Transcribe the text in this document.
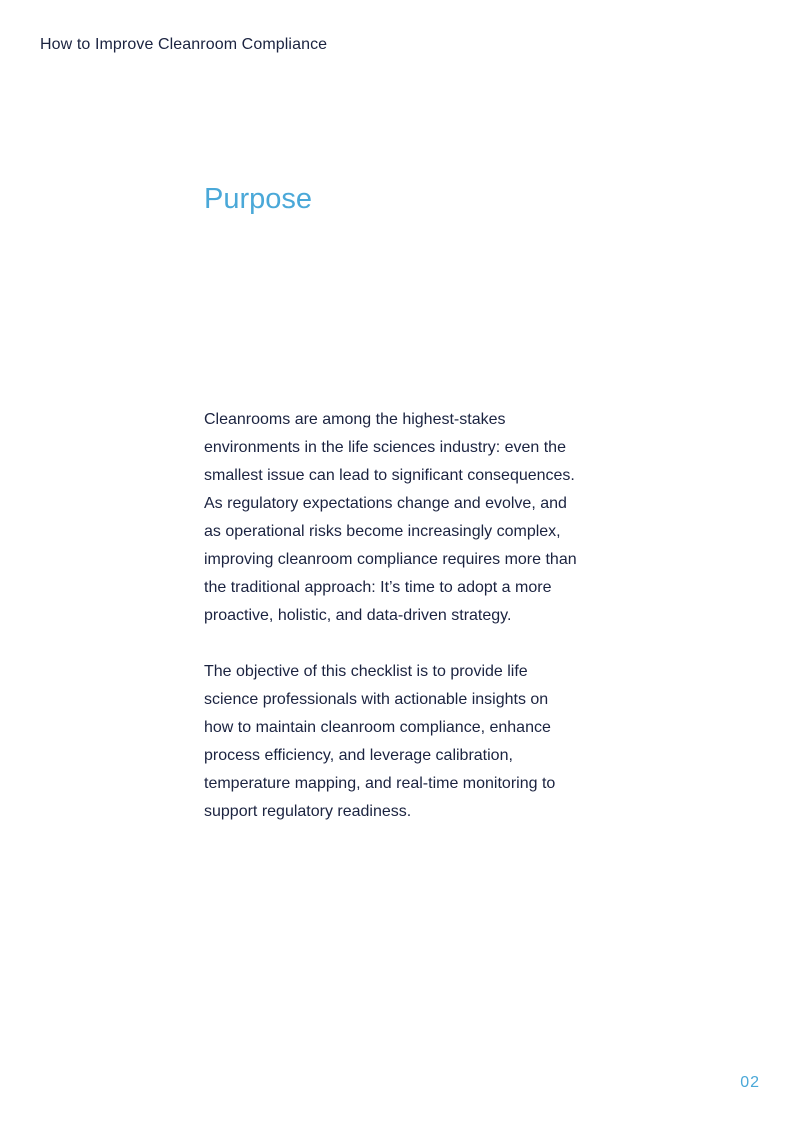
How to Improve Cleanroom Compliance
Purpose

Cleanrooms are among the highest-stakes
environments in the life sciences industry: even the
smallest issue can lead to significant consequences.
As regulatory expectations change and evolve, and
as operational risks become increasingly complex,
improving cleanroom compliance requires more than
the traditional approach: It’s time to adopt a more
proactive, holistic, and data-driven strategy.

The objective of this checklist is to provide life
science professionals with actionable insights on
how to maintain cleanroom compliance, enhance
process efficiency, and leverage calibration,
temperature mapping, and real-time monitoring to
support regulatory readiness.

02
